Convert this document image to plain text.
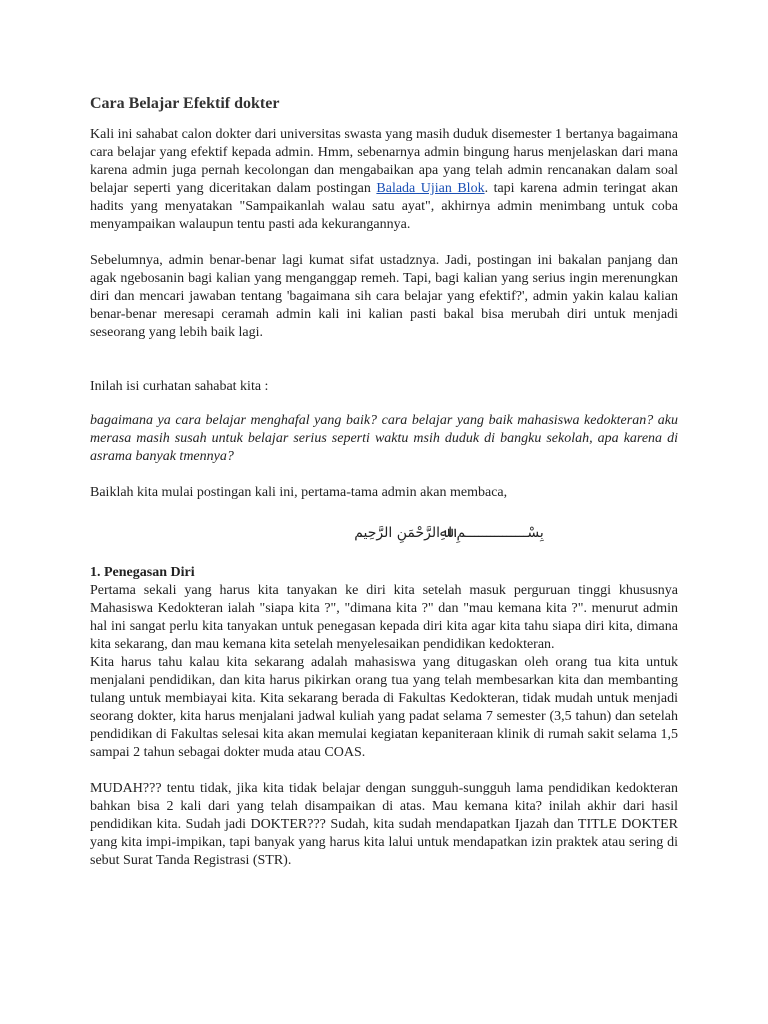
Cara Belajar Efektif dokter

Kali ini sahabat calon dokter dari universitas swasta yang masih duduk disemester 1 bertanya bagaimana cara belajar yang efektif kepada admin. Hmm, sebenarnya admin bingung harus menjelaskan dari mana karena admin juga pernah kecolongan dan mengabaikan apa yang telah admin rencanakan dalam soal belajar seperti yang diceritakan dalam postingan Balada Ujian Blok. tapi karena admin teringat akan hadits yang menyatakan "Sampaikanlah walau satu ayat", akhirnya admin menimbang untuk coba menyampaikan walaupun tentu pasti ada kekurangannya.

Sebelumnya, admin benar-benar lagi kumat sifat ustadznya. Jadi, postingan ini bakalan panjang dan agak ngebosanin bagi kalian yang menganggap remeh. Tapi, bagi kalian yang serius ingin merenungkan diri dan mencari jawaban tentang 'bagaimana sih cara belajar yang efektif?', admin yakin kalau kalian benar-benar meresapi ceramah admin kali ini kalian pasti bakal bisa merubah diri untuk menjadi seseorang yang lebih baik lagi.

Inilah isi curhatan sahabat kita :

bagaimana ya cara belajar menghafal yang baik? cara belajar yang baik mahasiswa kedokteran? aku merasa masih susah untuk belajar serius seperti waktu msih duduk di bangku sekolah, apa karena di asrama banyak tmennya?

Baiklah kita mulai postingan kali ini, pertama-tama admin akan membaca,

بِسْـــــــــــــــمِ اﷲِالرَّحْمَنِ الرَّحِيم
1. Penegasan Diri

Pertama sekali yang harus kita tanyakan ke diri kita setelah masuk perguruan tinggi khususnya Mahasiswa Kedokteran ialah "siapa kita ?", "dimana kita ?" dan "mau kemana kita ?". menurut admin hal ini sangat perlu kita tanyakan untuk penegasan kepada diri kita agar kita tahu siapa diri kita, dimana kita sekarang, dan mau kemana kita setelah menyelesaikan pendidikan kedokteran.

Kita harus tahu kalau kita sekarang adalah mahasiswa yang ditugaskan oleh orang tua kita untuk menjalani pendidikan, dan kita harus pikirkan orang tua yang telah membesarkan kita dan membanting tulang untuk membiayai kita. Kita sekarang berada di Fakultas Kedokteran, tidak mudah untuk menjadi seorang dokter, kita harus menjalani jadwal kuliah yang padat selama 7 semester (3,5 tahun) dan setelah pendidikan di Fakultas selesai kita akan memulai kegiatan kepaniteraan klinik di rumah sakit selama 1,5 sampai 2 tahun sebagai dokter muda atau COAS.

MUDAH??? tentu tidak, jika kita tidak belajar dengan sungguh-sungguh lama pendidikan kedokteran bahkan bisa 2 kali dari yang telah disampaikan di atas. Mau kemana kita? inilah akhir dari hasil pendidikan kita. Sudah jadi DOKTER??? Sudah, kita sudah mendapatkan Ijazah dan TITLE DOKTER yang kita impi-impikan, tapi banyak yang harus kita lalui untuk mendapatkan izin praktek atau sering di sebut Surat Tanda Registrasi (STR).
